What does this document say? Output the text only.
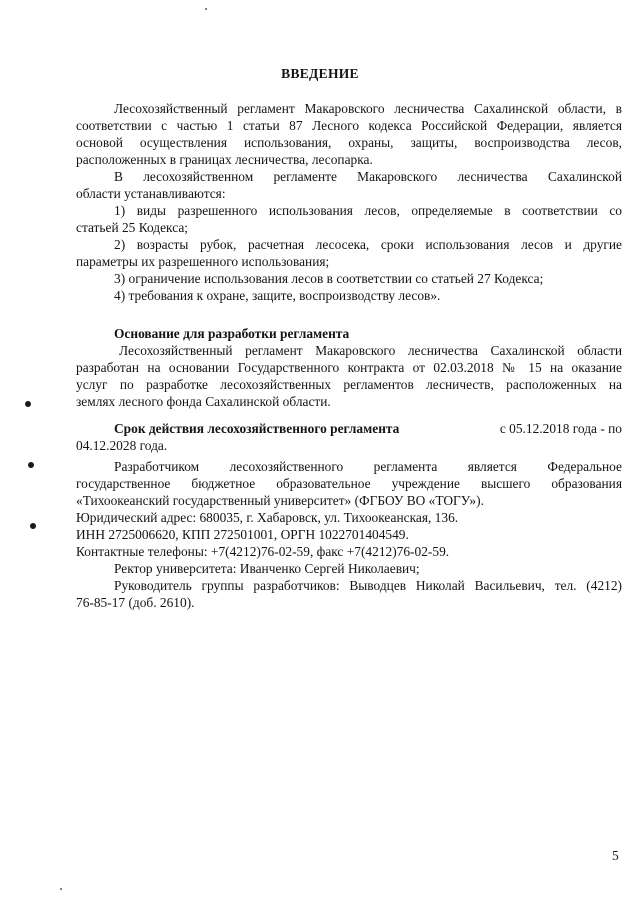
ВВЕДЕНИЕ
Лесохозяйственный регламент Макаровского лесничества Сахалинской области, в
соответствии с частью 1 статьи 87 Лесного кодекса Российской Федерации, является
основой осуществления использования, охраны, защиты, воспроизводства лесов,
расположенных в границах лесничества, лесопарка.
В лесохозяйственном регламенте Макаровского лесничества Сахалинской
области устанавливаются:
1) виды разрешенного использования лесов, определяемые в соответствии со
статьей 25 Кодекса;
2) возрасты рубок, расчетная лесосека, сроки использования лесов и другие
параметры их разрешенного использования;
3) ограничение использования лесов в соответствии со статьей 27 Кодекса;
4) требования к охране, защите, воспроизводству лесов».
Основание для разработки регламента
Лесохозяйственный регламент Макаровского лесничества Сахалинской области
разработан на основании Государственного контракта от 02.03.2018 № 15 на оказание
услуг по разработке лесохозяйственных регламентов лесничеств, расположенных на
землях лесного фонда Сахалинской области.
Срок действия лесохозяйственного регламента	с 05.12.2018 года - по
04.12.2028 года.
Разработчиком лесохозяйственного регламента является Федеральное
государственное бюджетное образовательное учреждение высшего образования
«Тихоокеанский государственный университет» (ФГБОУ ВО «ТОГУ»).
Юридический адрес: 680035, г. Хабаровск, ул. Тихоокеанская, 136.
ИНН 2725006620, КПП 272501001, ОРГН 1022701404549.
Контактные телефоны: +7(4212)76-02-59, факс +7(4212)76-02-59.
Ректор университета: Иванченко Сергей Николаевич;
Руководитель группы разработчиков: Выводцев Николай Васильевич, тел. (4212)
76-85-17 (доб. 2610).
5
